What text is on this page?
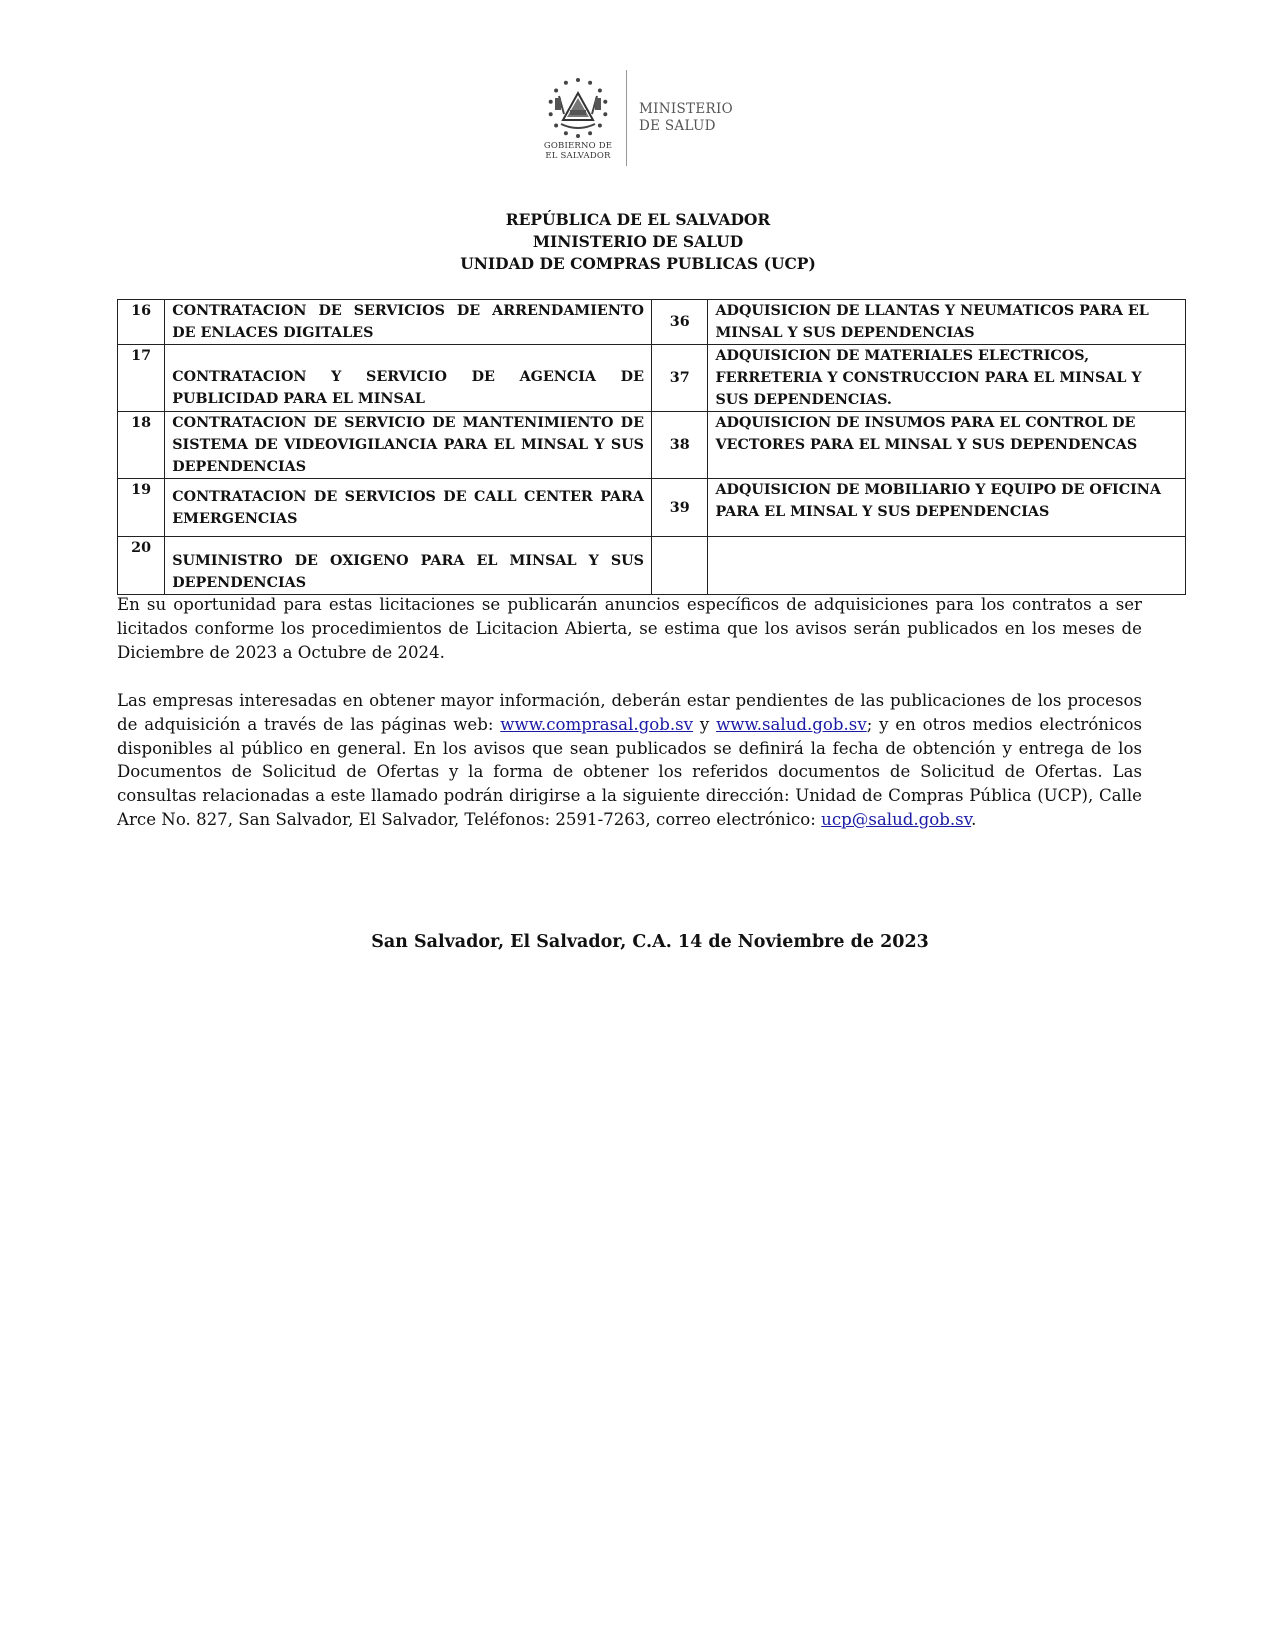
GOBIERNO DE
EL SALVADOR
MINISTERIO
DE SALUD
REPÚBLICA DE EL SALVADOR
MINISTERIO DE SALUD
UNIDAD DE COMPRAS PUBLICAS (UCP)
16	CONTRATACION DE SERVICIOS DE ARRENDAMIENTO DE ENLACES DIGITALES	36	ADQUISICION DE LLANTAS Y NEUMATICOS PARA EL MINSAL Y SUS DEPENDENCIAS
17	CONTRATACION Y SERVICIO DE AGENCIA DE PUBLICIDAD PARA EL MINSAL	37	ADQUISICION DE MATERIALES ELECTRICOS, FERRETERIA Y CONSTRUCCION PARA EL MINSAL Y SUS DEPENDENCIAS.
18	CONTRATACION DE SERVICIO DE MANTENIMIENTO DE SISTEMA DE VIDEOVIGILANCIA PARA EL MINSAL Y SUS DEPENDENCIAS	38	ADQUISICION DE INSUMOS PARA EL CONTROL DE VECTORES PARA EL MINSAL Y SUS DEPENDENCAS
19	CONTRATACION DE SERVICIOS DE CALL CENTER PARA EMERGENCIAS	39	ADQUISICION DE MOBILIARIO Y EQUIPO DE OFICINA PARA EL MINSAL Y SUS DEPENDENCIAS
20	SUMINISTRO DE OXIGENO PARA EL MINSAL Y SUS DEPENDENCIAS		

En su oportunidad para estas licitaciones se publicarán anuncios específicos de adquisiciones para los contratos a ser licitados conforme los procedimientos de Licitacion Abierta, se estima que los avisos serán publicados en los meses de Diciembre de 2023 a Octubre de 2024.

Las empresas interesadas en obtener mayor información, deberán estar pendientes de las publicaciones de los procesos de adquisición a través de las páginas web: www.comprasal.gob.sv y www.salud.gob.sv; y en otros medios electrónicos disponibles al público en general. En los avisos que sean publicados se definirá la fecha de obtención y entrega de los Documentos de Solicitud de Ofertas y la forma de obtener los referidos documentos de Solicitud de Ofertas. Las consultas relacionadas a este llamado podrán dirigirse a la siguiente dirección: Unidad de Compras Pública (UCP), Calle Arce No. 827, San Salvador, El Salvador, Teléfonos: 2591-7263, correo electrónico: ucp@salud.gob.sv.

San Salvador, El Salvador, C.A. 14 de Noviembre de 2023
